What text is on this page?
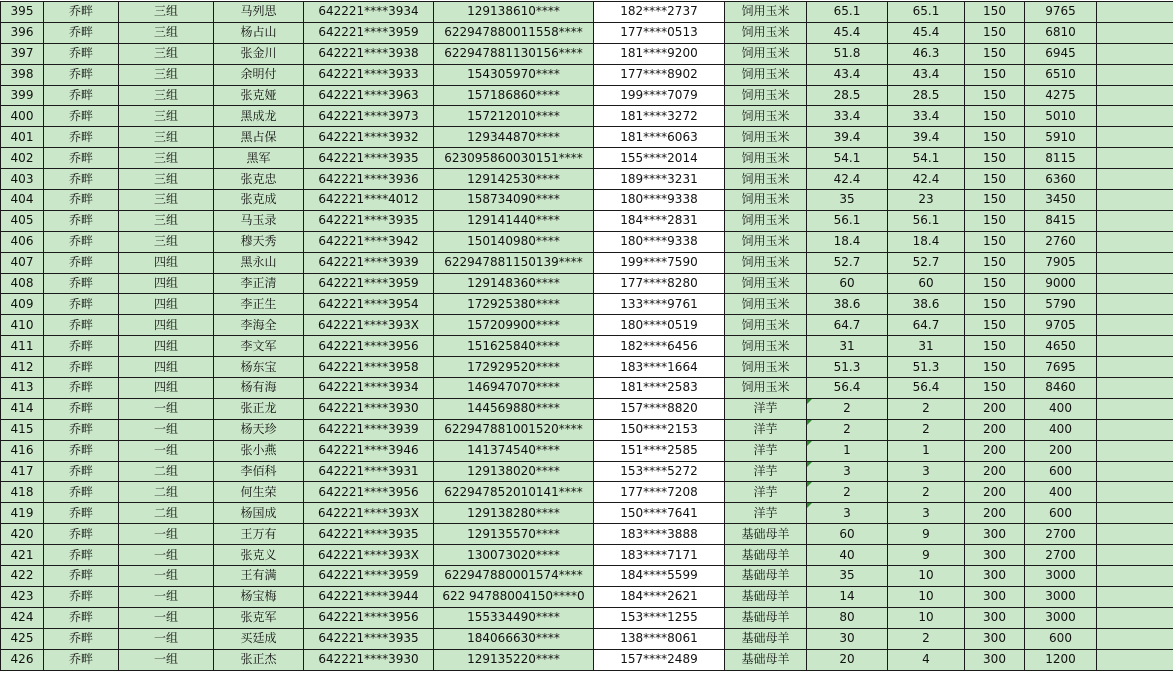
395	乔畔	三组	马列思	642221****3934	129138610****	182****2737	饲用玉米	65.1	65.1	150	9765	
396	乔畔	三组	杨占山	642221****3959	622947880011558****	177****0513	饲用玉米	45.4	45.4	150	6810	
397	乔畔	三组	张金川	642221****3938	622947881130156****	181****9200	饲用玉米	51.8	46.3	150	6945	
398	乔畔	三组	余明付	642221****3933	154305970****	177****8902	饲用玉米	43.4	43.4	150	6510	
399	乔畔	三组	张克娅	642221****3963	157186860****	199****7079	饲用玉米	28.5	28.5	150	4275	
400	乔畔	三组	黑成龙	642221****3973	157212010****	181****3272	饲用玉米	33.4	33.4	150	5010	
401	乔畔	三组	黑占保	642221****3932	129344870****	181****6063	饲用玉米	39.4	39.4	150	5910	
402	乔畔	三组	黑军	642221****3935	623095860030151****	155****2014	饲用玉米	54.1	54.1	150	8115	
403	乔畔	三组	张克忠	642221****3936	129142530****	189****3231	饲用玉米	42.4	42.4	150	6360	
404	乔畔	三组	张克成	642221****4012	158734090****	180****9338	饲用玉米	35	23	150	3450	
405	乔畔	三组	马玉录	642221****3935	129141440****	184****2831	饲用玉米	56.1	56.1	150	8415	
406	乔畔	三组	穆天秀	642221****3942	150140980****	180****9338	饲用玉米	18.4	18.4	150	2760	
407	乔畔	四组	黑永山	642221****3939	622947881150139****	199****7590	饲用玉米	52.7	52.7	150	7905	
408	乔畔	四组	李正清	642221****3959	129148360****	177****8280	饲用玉米	60	60	150	9000	
409	乔畔	四组	李正生	642221****3954	172925380****	133****9761	饲用玉米	38.6	38.6	150	5790	
410	乔畔	四组	李海全	642221****393X	157209900****	180****0519	饲用玉米	64.7	64.7	150	9705	
411	乔畔	四组	李文军	642221****3956	151625840****	182****6456	饲用玉米	31	31	150	4650	
412	乔畔	四组	杨东宝	642221****3958	172929520****	183****1664	饲用玉米	51.3	51.3	150	7695	
413	乔畔	四组	杨有海	642221****3934	146947070****	181****2583	饲用玉米	56.4	56.4	150	8460	
414	乔畔	一组	张正龙	642221****3930	144569880****	157****8820	洋芋	2	2	200	400	
415	乔畔	一组	杨天珍	642221****3939	622947881001520****	150****2153	洋芋	2	2	200	400	
416	乔畔	一组	张小燕	642221****3946	141374540****	151****2585	洋芋	1	1	200	200	
417	乔畔	二组	李佰科	642221****3931	129138020****	153****5272	洋芋	3	3	200	600	
418	乔畔	二组	何生荣	642221****3956	622947852010141****	177****7208	洋芋	2	2	200	400	
419	乔畔	二组	杨国成	642221****393X	129138280****	150****7641	洋芋	3	3	200	600	
420	乔畔	一组	王万有	642221****3935	129135570****	183****3888	基础母羊	60	9	300	2700	
421	乔畔	一组	张克义	642221****393X	130073020****	183****7171	基础母羊	40	9	300	2700	
422	乔畔	一组	王有满	642221****3959	622947880001574****	184****5599	基础母羊	35	10	300	3000	
423	乔畔	一组	杨宝梅	642221****3944	622 94788004150****0	184****2621	基础母羊	14	10	300	3000	
424	乔畔	一组	张克军	642221****3956	155334490****	153****1255	基础母羊	80	10	300	3000	
425	乔畔	一组	买廷成	642221****3935	184066630****	138****8061	基础母羊	30	2	300	600	
426	乔畔	一组	张正杰	642221****3930	129135220****	157****2489	基础母羊	20	4	300	1200	
